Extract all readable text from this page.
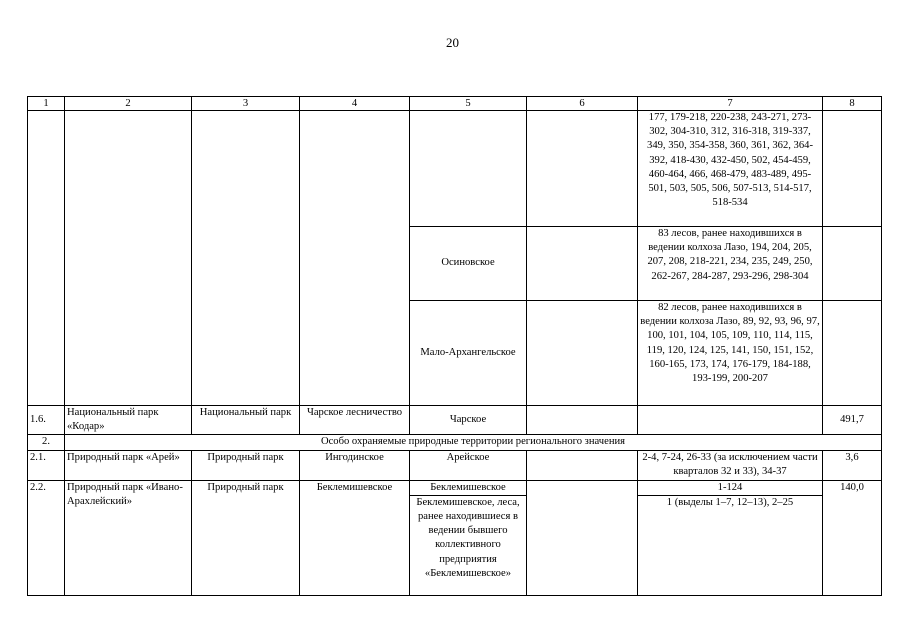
20
1	2	3	4	5	6	7	8
						177, 179-218, 220-238, 243-271, 273-302, 304-310, 312, 316-318, 319-337, 349, 350, 354-358, 360, 361, 362, 364-392, 418-430, 432-450, 502, 454-459, 460-464, 466, 468-479, 483-489, 495-501, 503, 505, 506, 507-513, 514-517, 518-534	
				Осиновское		83 лесов, ранее находившихся в ведении колхоза Лазо, 194, 204, 205, 207, 208, 218-221, 234, 235, 249, 250, 262-267, 284-287, 293-296, 298-304	
				Мало-Архангельское		82 лесов, ранее находившихся в ведении колхоза Лазо, 89, 92, 93, 96, 97, 100, 101, 104, 105, 109, 110, 114, 115, 119, 120, 124, 125, 141, 150, 151, 152, 160-165, 173, 174, 176-179, 184-188, 193-199, 200-207	
1.6.	Национальный парк «Кодар»	Национальный парк	Чарское лесничество	Чарское			491,7
2.	Особо охраняемые природные территории регионального значения						
2.1.	Природный парк «Арей»	Природный парк	Ингодинское	Арейское		2-4, 7-24, 26-33 (за исключением части кварталов 32 и 33), 34-37	3,6
2.2.	Природный парк «Ивано-Арахлейский»	Природный парк	Беклемишевское	Беклемишевское		1-124	140,0
				Беклемишевское, леса, ранее находившиеся в ведении бывшего коллективного предприятия «Беклемишевское»		1 (выделы 1–7, 12–13), 2–25	
